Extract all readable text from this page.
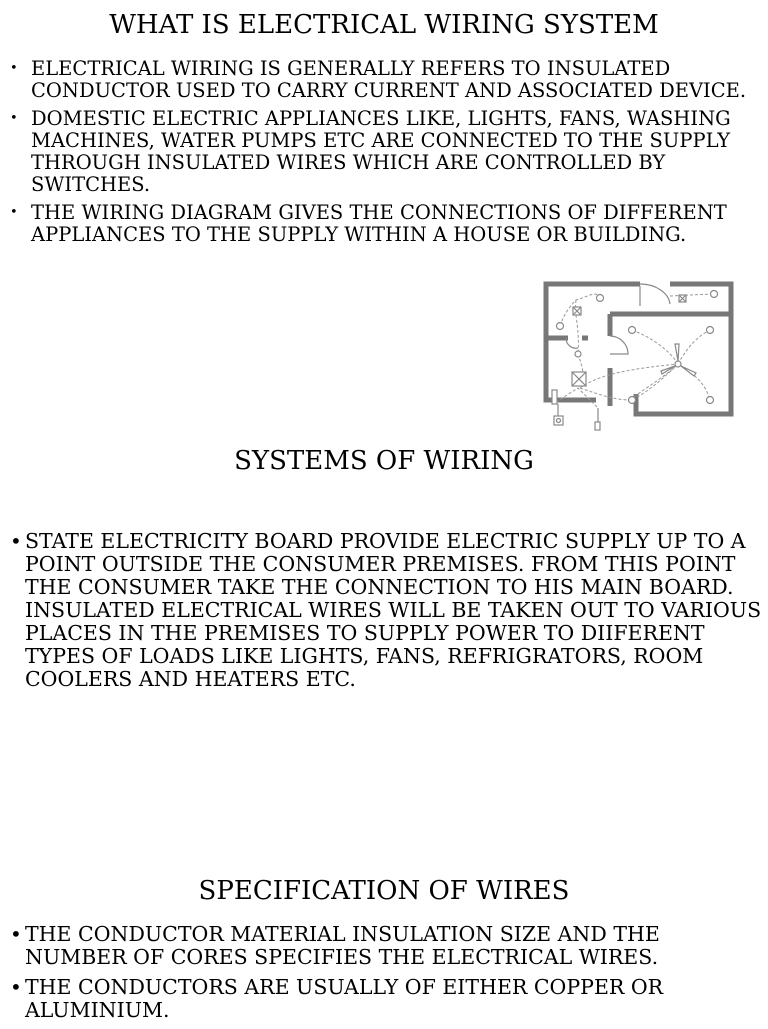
WHAT IS ELECTRICAL WIRING SYSTEM
• ELECTRICAL WIRING IS GENERALLY REFERS TO INSULATED CONDUCTOR USED TO CARRY CURRENT AND ASSOCIATED DEVICE.
• DOMESTIC ELECTRIC APPLIANCES LIKE, LIGHTS, FANS, WASHING MACHINES, WATER PUMPS ETC ARE CONNECTED TO THE SUPPLY THROUGH INSULATED WIRES WHICH ARE CONTROLLED BY SWITCHES.
• THE WIRING DIAGRAM GIVES THE CONNECTIONS OF DIFFERENT APPLIANCES TO THE SUPPLY WITHIN A HOUSE OR BUILDING.
SYSTEMS OF WIRING
• STATE ELECTRICITY BOARD PROVIDE ELECTRIC SUPPLY UP TO A POINT OUTSIDE THE CONSUMER PREMISES. FROM THIS POINT THE CONSUMER TAKE THE CONNECTION TO HIS MAIN BOARD. INSULATED ELECTRICAL WIRES WILL BE TAKEN OUT TO VARIOUS PLACES IN THE PREMISES TO SUPPLY POWER TO DIIFERENT TYPES OF LOADS LIKE LIGHTS, FANS, REFRIGRATORS, ROOM COOLERS AND HEATERS ETC.
SPECIFICATION OF WIRES
• THE CONDUCTOR MATERIAL INSULATION SIZE AND THE NUMBER OF CORES SPECIFIES THE ELECTRICAL WIRES.
• THE CONDUCTORS ARE USUALLY OF EITHER COPPER OR ALUMINIUM.
